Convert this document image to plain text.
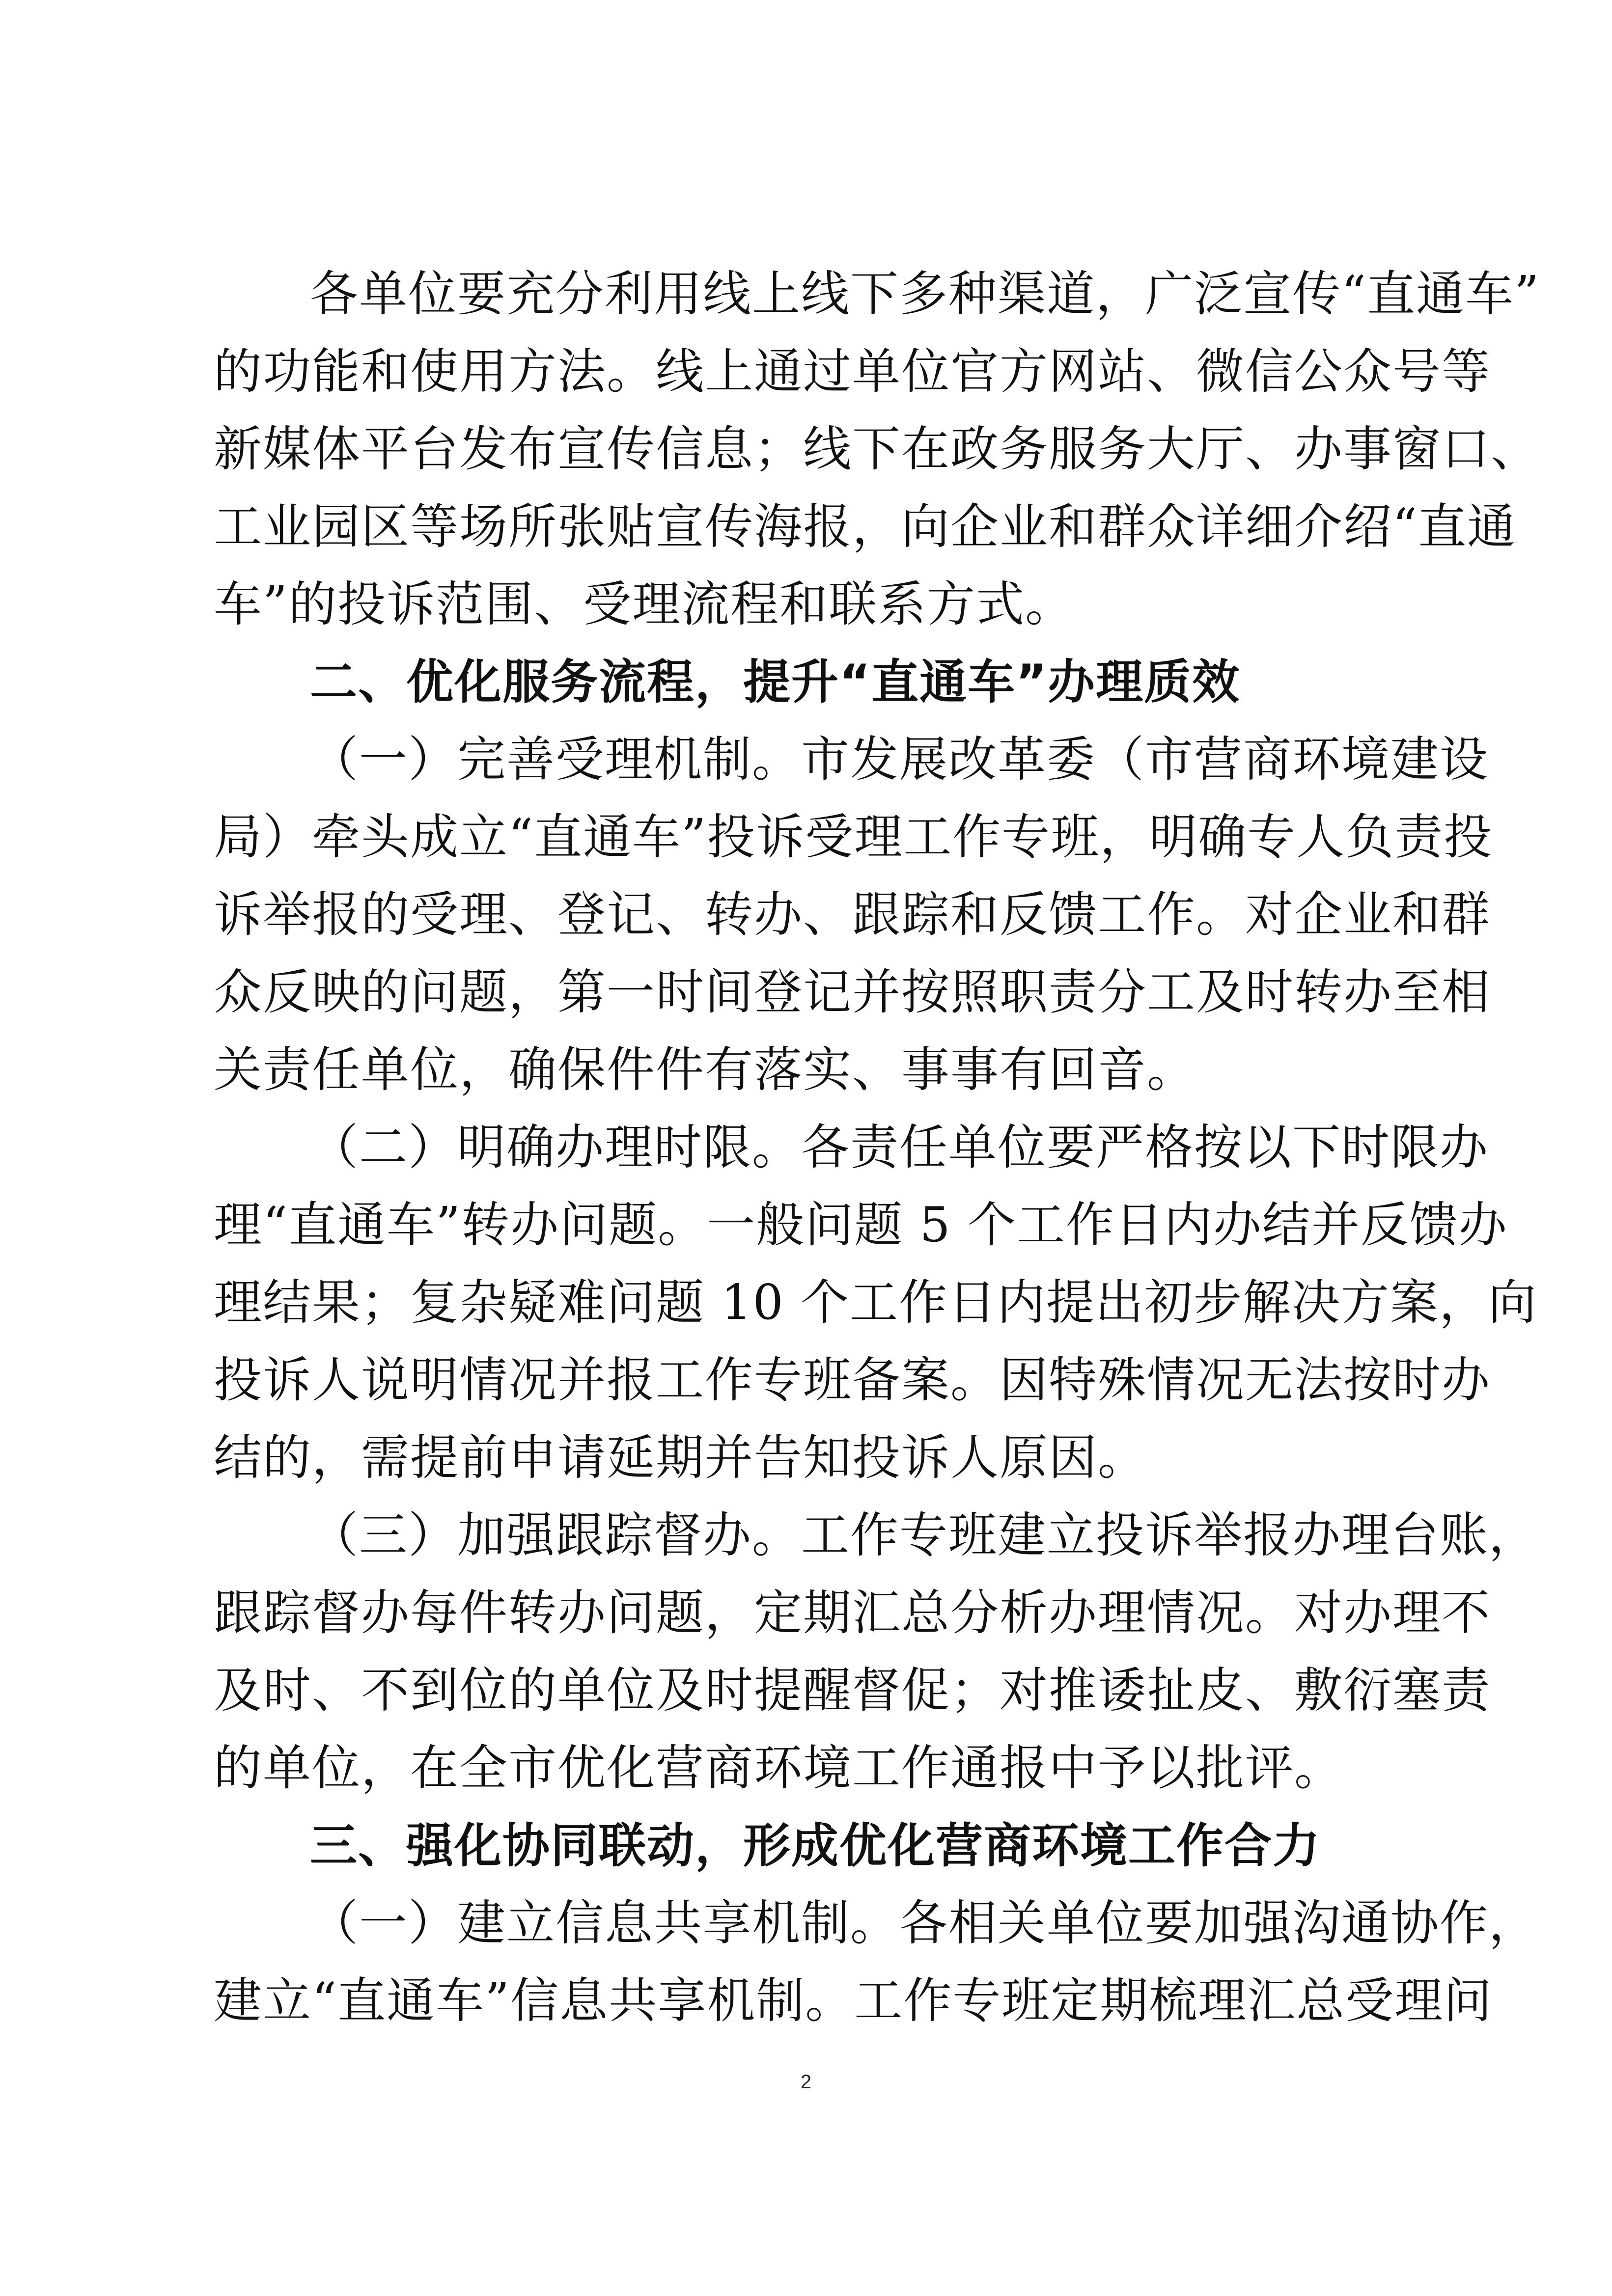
各单位要充分利用线上线下多种渠道，广泛宣传“直通车”
的功能和使用方法。线上通过单位官方网站、微信公众号等
新媒体平台发布宣传信息；线下在政务服务大厅、办事窗口、
工业园区等场所张贴宣传海报，向企业和群众详细介绍“直通
车”的投诉范围、受理流程和联系方式。
二、优化服务流程，提升“直通车”办理质效
（一）完善受理机制。市发展改革委（市营商环境建设
局）牵头成立“直通车”投诉受理工作专班，明确专人负责投
诉举报的受理、登记、转办、跟踪和反馈工作。对企业和群
众反映的问题，第一时间登记并按照职责分工及时转办至相
关责任单位，确保件件有落实、事事有回音。
（二）明确办理时限。各责任单位要严格按以下时限办
理“直通车”转办问题。一般问题 5 个工作日内办结并反馈办
理结果；复杂疑难问题 10 个工作日内提出初步解决方案，向
投诉人说明情况并报工作专班备案。因特殊情况无法按时办
结的，需提前申请延期并告知投诉人原因。
（三）加强跟踪督办。工作专班建立投诉举报办理台账，
跟踪督办每件转办问题，定期汇总分析办理情况。对办理不
及时、不到位的单位及时提醒督促；对推诿扯皮、敷衍塞责
的单位，在全市优化营商环境工作通报中予以批评。
三、强化协同联动，形成优化营商环境工作合力
（一）建立信息共享机制。各相关单位要加强沟通协作，
建立“直通车”信息共享机制。工作专班定期梳理汇总受理问
2
